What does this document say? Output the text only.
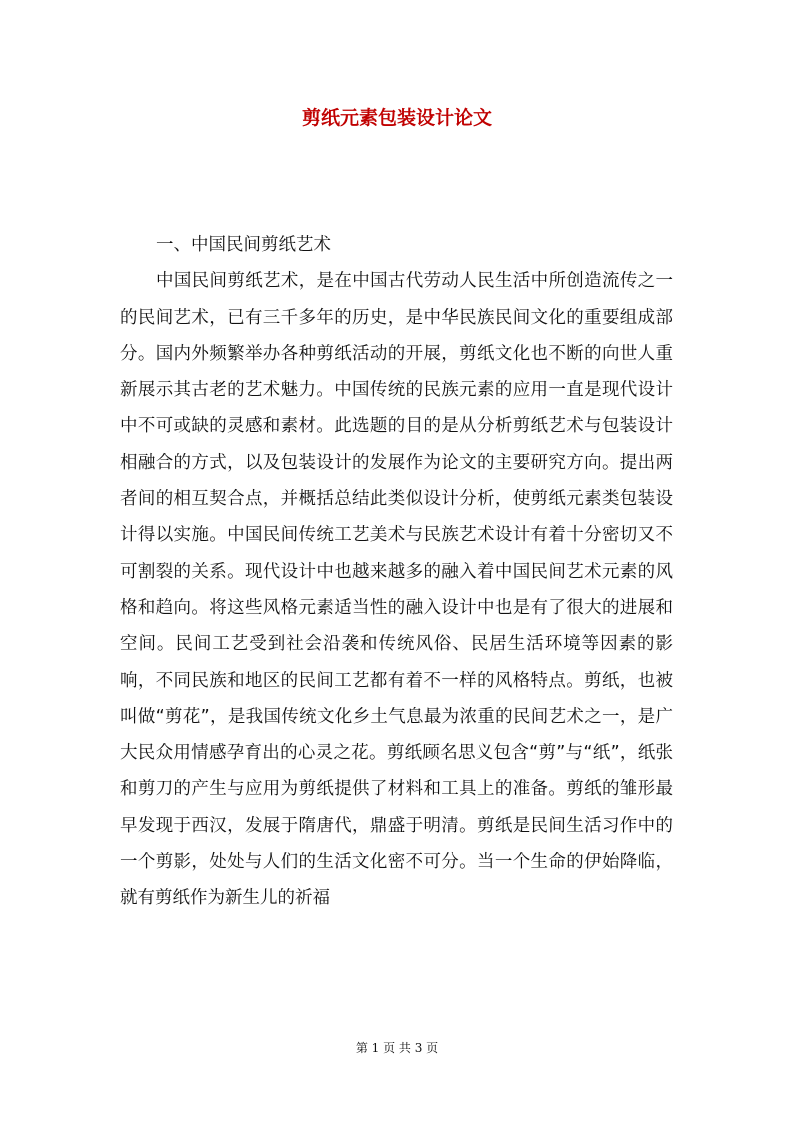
剪纸元素包装设计论文

一、中国民间剪纸艺术

中国民间剪纸艺术，是在中国古代劳动人民生活中所创造流传之一的民间艺术，已有三千多年的历史，是中华民族民间文化的重要组成部分。国内外频繁举办各种剪纸活动的开展，剪纸文化也不断的向世人重新展示其古老的艺术魅力。中国传统的民族元素的应用一直是现代设计中不可或缺的灵感和素材。此选题的目的是从分析剪纸艺术与包装设计相融合的方式，以及包装设计的发展作为论文的主要研究方向。提出两者间的相互契合点，并概括总结此类似设计分析，使剪纸元素类包装设计得以实施。中国民间传统工艺美术与民族艺术设计有着十分密切又不可割裂的关系。现代设计中也越来越多的融入着中国民间艺术元素的风格和趋向。将这些风格元素适当性的融入设计中也是有了很大的进展和空间。民间工艺受到社会沿袭和传统风俗、民居生活环境等因素的影响，不同民族和地区的民间工艺都有着不一样的风格特点。剪纸，也被叫做“剪花”，是我国传统文化乡土气息最为浓重的民间艺术之一，是广大民众用情感孕育出的心灵之花。剪纸顾名思义包含“剪”与“纸”，纸张和剪刀的产生与应用为剪纸提供了材料和工具上的准备。剪纸的雏形最早发现于西汉，发展于隋唐代，鼎盛于明清。剪纸是民间生活习作中的一个剪影，处处与人们的生活文化密不可分。当一个生命的伊始降临，就有剪纸作为新生儿的祈福

第 1 页 共 3 页
